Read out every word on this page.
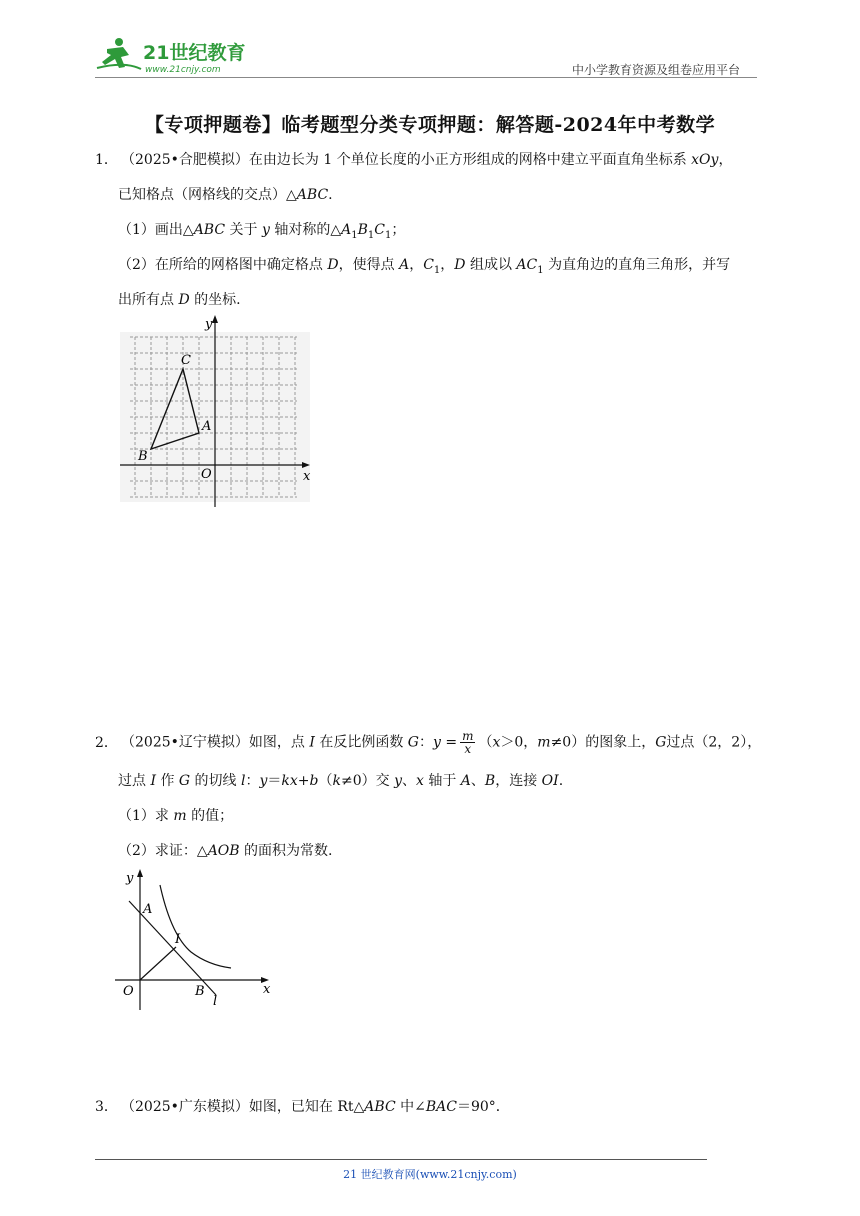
21世纪教育
www.21cnjy.com	中小学教育资源及组卷应用平台
【专项押题卷】临考题型分类专项押题：解答题-2024年中考数学
1． （2025•合肥模拟）在由边长为 1 个单位长度的小正方形组成的网格中建立平面直角坐标系 xOy，
已知格点（网格线的交点）△ABC.
（1）画出△ABC 关于 y 轴对称的$\triangle A_1B_1C_1$；
（2）在所给的网格图中确定格点 D，使得点 A，$C_1$，D 组成以 $AC_1$ 为直角边的直角三角形，并写
出所有点 D 的坐标.
y
x
O
A
B
C
2． （2025•辽宁模拟）如图，点 I 在反比例函数 G：$y = \frac{m}{x} (x>0$，m≠0）的图象上，G过点（2，2），
过点 I 作 G 的切线 l：y＝kx+b（k≠0）交 y、x 轴于 A、B，连接 OI.
（1）求 m 的值；
（2）求证：△AOB 的面积为常数.
y
x
O
A
B
I
l
3． （2025•广东模拟）如图，已知在 Rt△ABC 中∠BAC＝90°．
21 世纪教育网(www.21cnjy.com)
